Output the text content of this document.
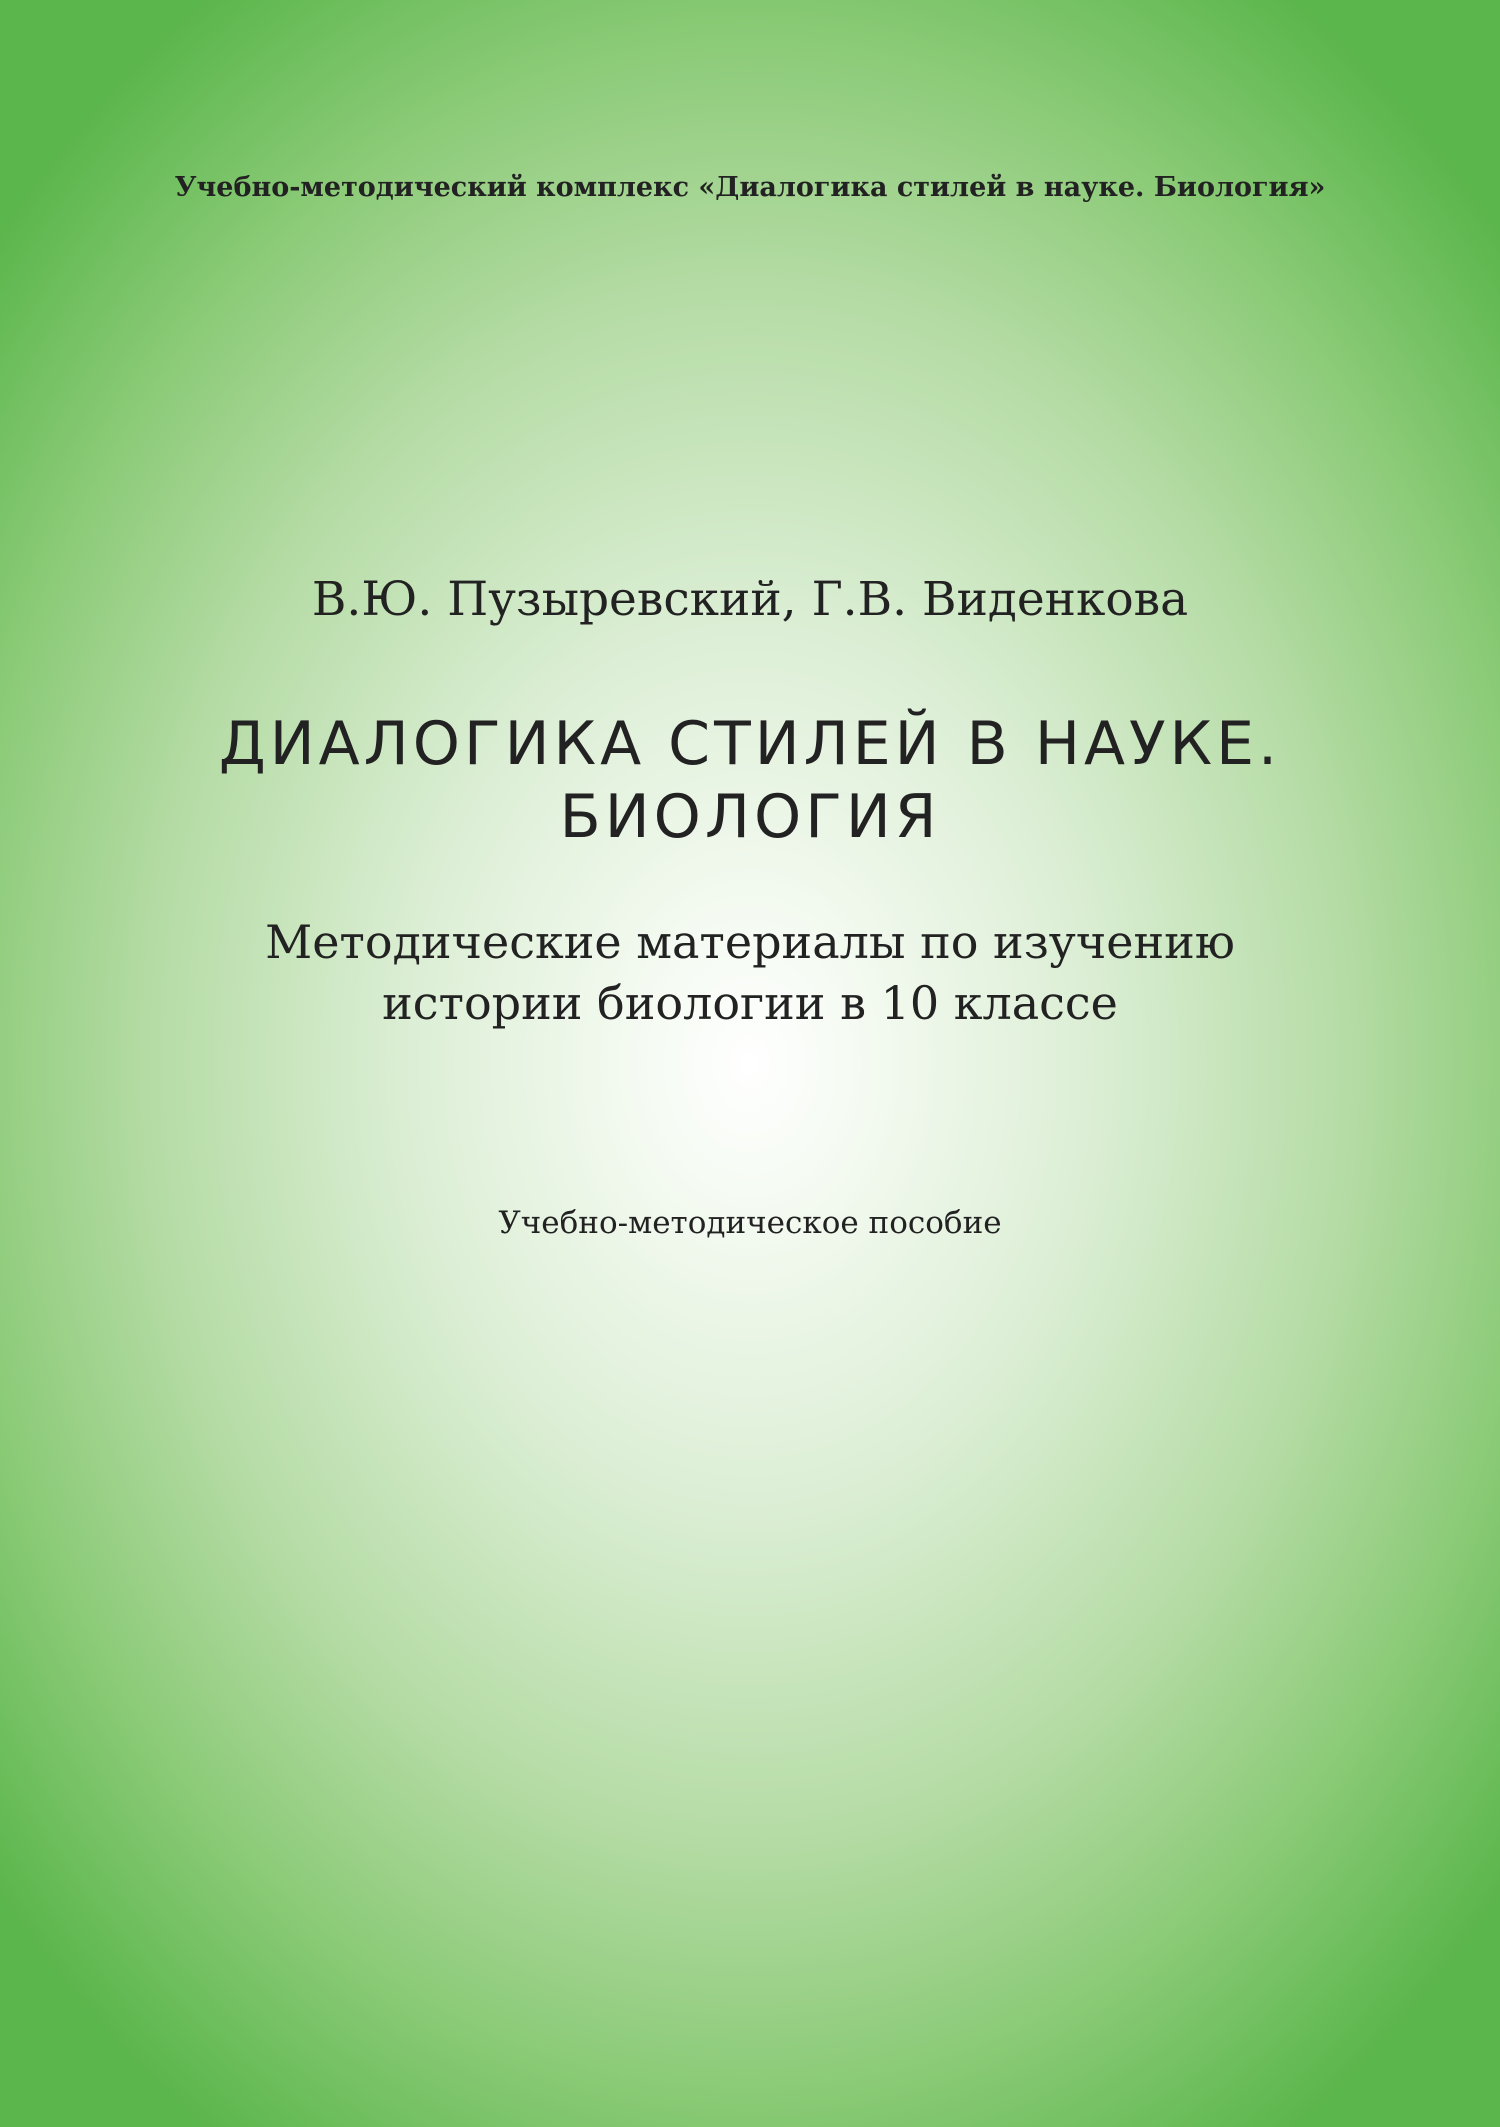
Учебно-методический комплекс «Диалогика стилей в науке. Биология»
В.Ю. Пузыревский, Г.В. Виденкова
ДИАЛОГИКА СТИЛЕЙ В НАУКЕ.
БИОЛОГИЯ
Методические материалы по изучению
истории биологии в 10 классе
Учебно-методическое пособие
